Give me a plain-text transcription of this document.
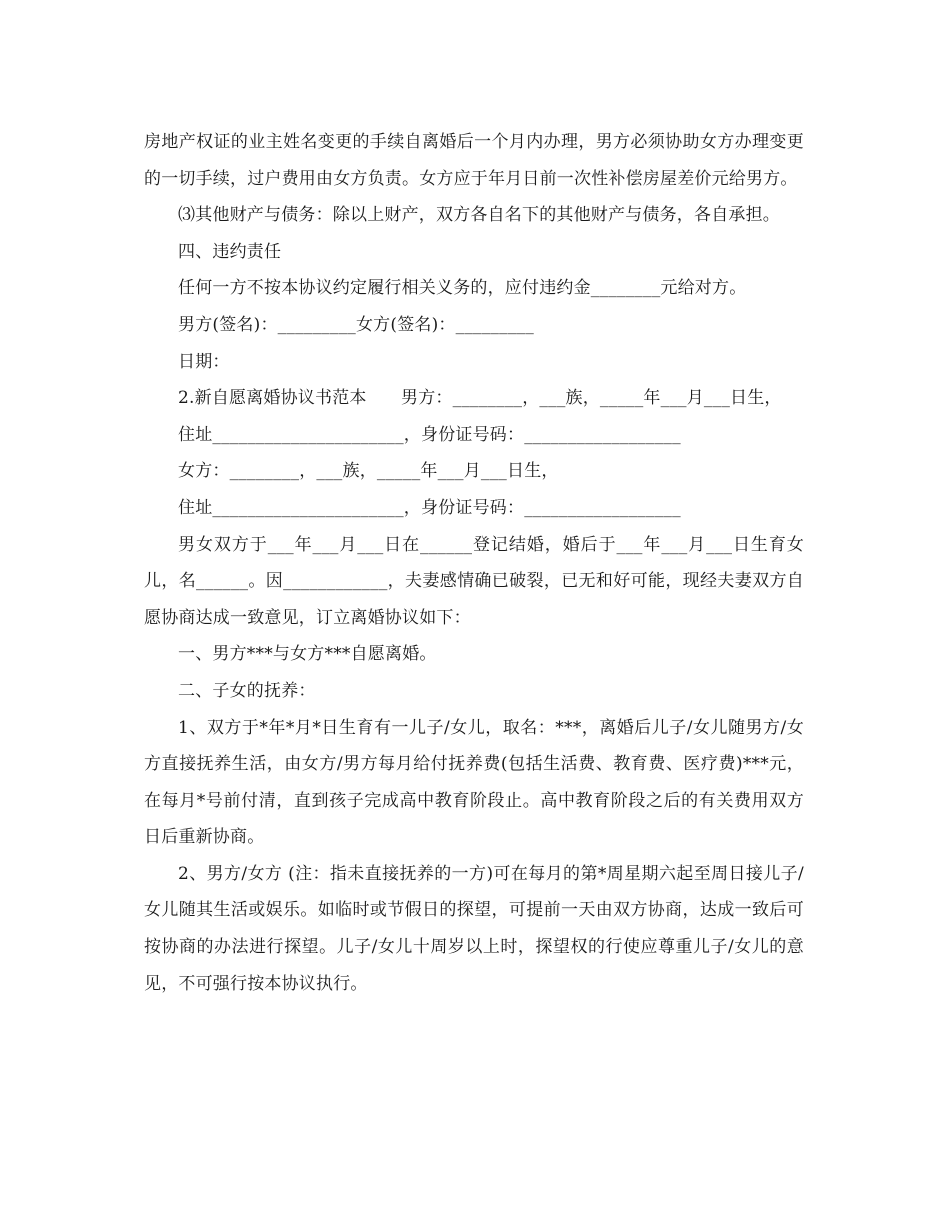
房地产权证的业主姓名变更的手续自离婚后一个月内办理，男方必须协助女方办理变更的一切手续，过户费用由女方负责。女方应于年月日前一次性补偿房屋差价元给男方。

⑶其他财产与债务：除以上财产，双方各自名下的其他财产与债务，各自承担。

四、违约责任

任何一方不按本协议约定履行相关义务的，应付违约金________元给对方。

男方(签名)：_________女方(签名)：_________

日期：

2.新自愿离婚协议书范本　　男方：________，___族，_____年___月___日生，

住址______________________，身份证号码：__________________

女方：________，___族，_____年___月___日生，

住址______________________，身份证号码：__________________

男女双方于___年___月___日在______登记结婚，婚后于___年___月___日生育女儿，名______。因____________，夫妻感情确已破裂，已无和好可能，现经夫妻双方自愿协商达成一致意见，订立离婚协议如下：

一、男方***与女方***自愿离婚。

二、子女的抚养：

1、双方于*年*月*日生育有一儿子/女儿，取名：***，离婚后儿子/女儿随男方/女方直接抚养生活，由女方/男方每月给付抚养费(包括生活费、教育费、医疗费)***元，在每月*号前付清，直到孩子完成高中教育阶段止。高中教育阶段之后的有关费用双方日后重新协商。

2、男方/女方 (注：指未直接抚养的一方)可在每月的第*周星期六起至周日接儿子/女儿随其生活或娱乐。如临时或节假日的探望，可提前一天由双方协商，达成一致后可按协商的办法进行探望。儿子/女儿十周岁以上时，探望权的行使应尊重儿子/女儿的意见，不可强行按本协议执行。
